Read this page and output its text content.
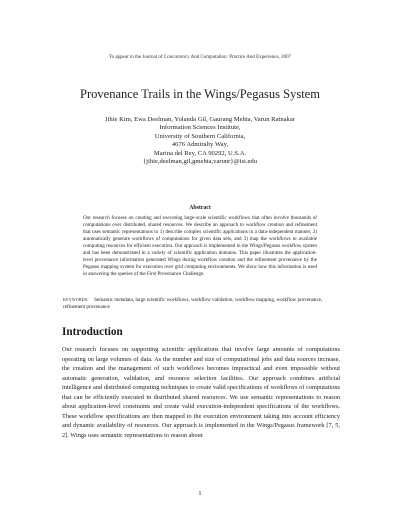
To appear in the Journal of Concurrency And Computation: Practice And Experience, 2007
Provenance Trails in the Wings/Pegasus System
Jihie Kim, Ewa Deelman, Yolanda Gil, Gaurang Mehta, Varun Ratnakar
Information Sciences Institute,
University of Southern California,
4676 Admiralty Way,
Marina del Rey, CA 90292, U.S.A.
{jihie,deelman,gil,gmehta,varunr}@isi.edu
Abstract
Our research focuses on creating and executing large-scale scientific workflows that often involve thousands of computations over distributed, shared resources. We describe an approach to workflow creation and refinement that uses semantic representations to 1) describe complex scientific applications in a data-independent manner, 2) automatically generate workflows of computations for given data sets, and 3) map the workflows to available computing resources for efficient execution. Our approach is implemented in the Wings/Pegasus workflow system and has been demonstrated in a variety of scientific application domains. This paper illustrates the application-level provenance information generated Wings during workflow creation and the refinement provenance by the Pegasus mapping system for execution over grid computing environments. We show how this information is used in answering the queries of the First Provenance Challenge.
keywords: Semantic metadata, large scientific workflows, workflow validation, workflow mapping, workflow provenance, refinement provenance
Introduction
Our research focuses on supporting scientific applications that involve large amounts of computations operating on large volumes of data. As the number and size of computational jobs and data sources increase, the creation and the management of such workflows becomes impractical and even impossible without automatic generation, validation, and resource selection facilities. Our approach combines artificial intelligence and distributed computing techniques to create valid specifications of workflows of computations that can be efficiently executed in distributed shared resources. We use semantic representations to reason about application-level constraints and create valid execution-independent specifications of the workflows. These workflow specifications are then mapped to the execution environment taking into account efficiency and dynamic availability of resources. Our approach is implemented in the Wings/Pegasus framework [7, 5, 2]. Wings uses semantic representations to reason about
1
